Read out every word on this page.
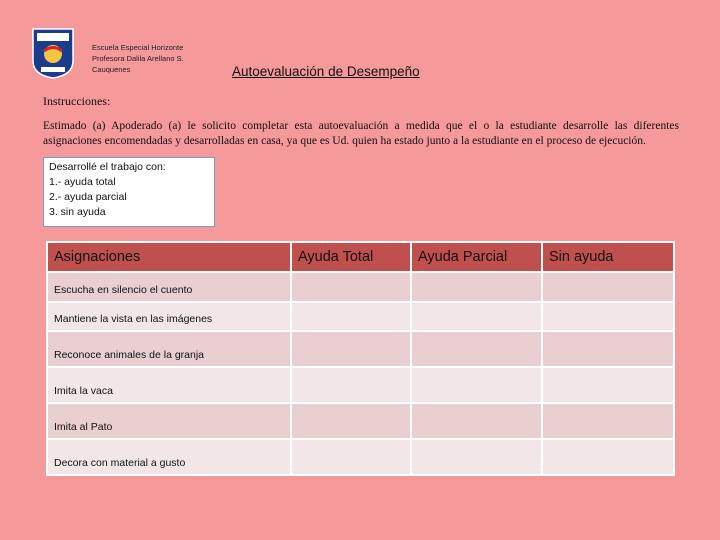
Escuela Especial Horizonte
Profesora Dalila Arellano S.
Cauquenes	Autoevaluación de Desempeño
Instrucciones:
Estimado (a) Apoderado (a) le solicito completar esta autoevaluación a medida que el o la estudiante desarrolle las diferentes asignaciones encomendadas y desarrolladas en casa, ya que es Ud. quien ha estado junto a la estudiante en el proceso de ejecución.
Desarrollé el trabajo con:
1.- ayuda total
2.- ayuda parcial
3. sin ayuda
Asignaciones	Ayuda Total	Ayuda Parcial	Sin ayuda
Escucha en silencio el cuento			
Mantiene la vista en las imágenes			
Reconoce animales de la granja			
Imita la vaca			
Imita al Pato			
Decora con material a gusto			
